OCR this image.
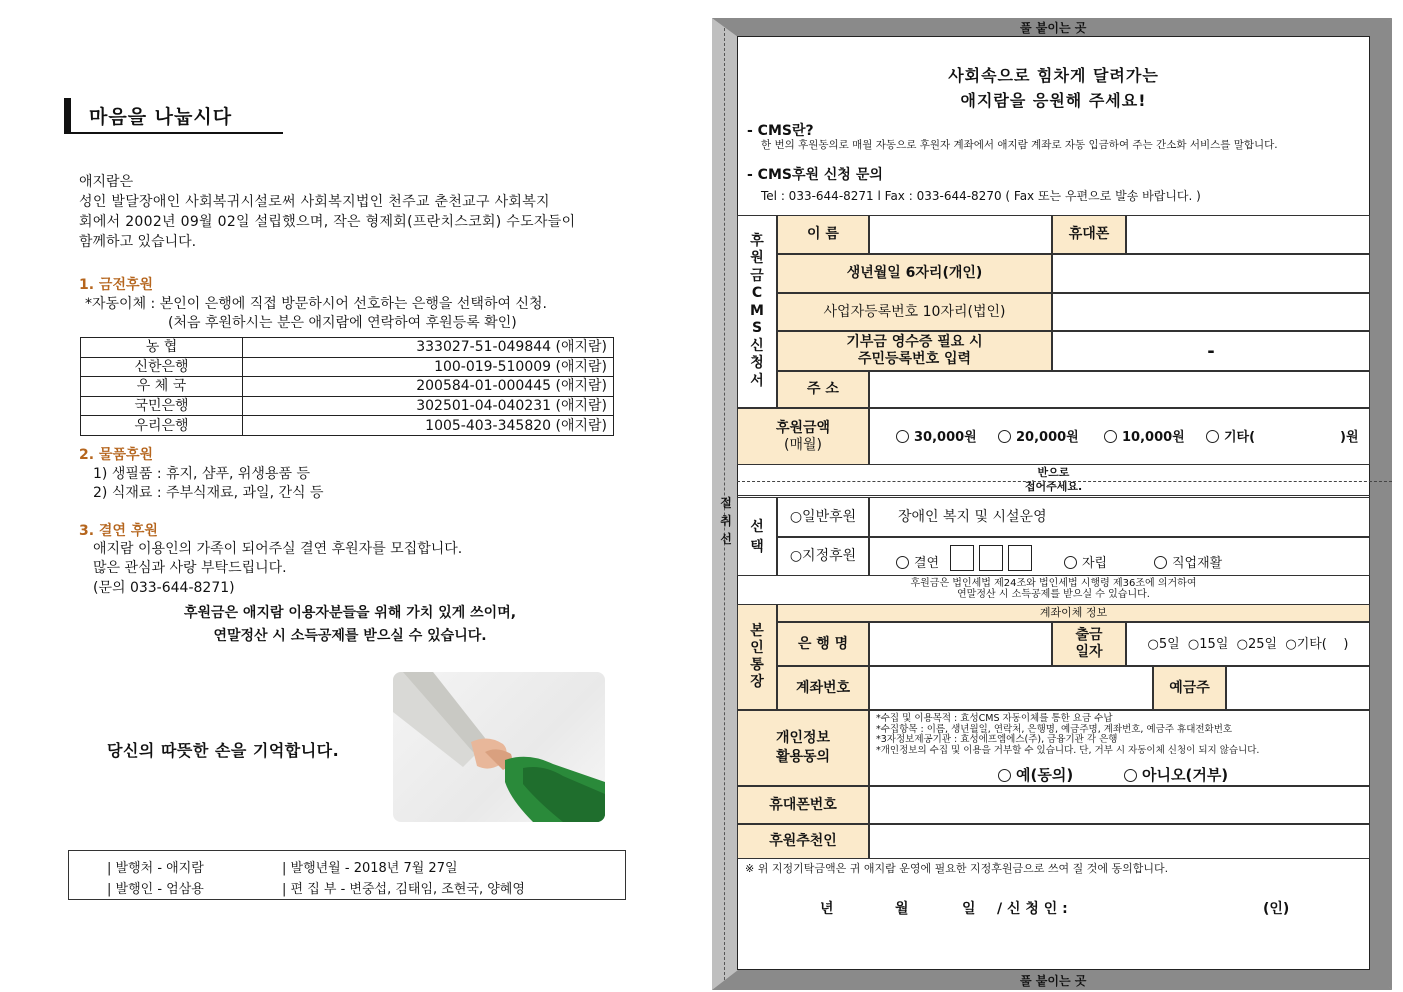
마음을 나눕시다
애지람은
성인 발달장애인 사회복귀시설로써 사회복지법인 천주교 춘천교구 사회복지
회에서 2002년 09월 02일 설립했으며, 작은 형제회(프란치스코회) 수도자들이
함께하고 있습니다.
1. 금전후원
*자동이체 : 본인이 은행에 직접 방문하시어 선호하는 은행을 선택하여 신청.
(처음 후원하시는 분은 애지람에 연락하여 후원등록 확인)
농 협	333027-51-049844 (애지람)
신한은행	100-019-510009 (애지람)
우 체 국	200584-01-000445 (애지람)
국민은행	302501-04-040231 (애지람)
우리은행	1005-403-345820 (애지람)
2. 물품후원
1) 생필품 : 휴지, 샴푸, 위생용품 등
2) 식재료 : 주부식재료, 과일, 간식 등
3. 결연 후원
애지람 이용인의 가족이 되어주실 결연 후원자를 모집합니다.
많은 관심과 사랑 부탁드립니다.
(문의 033-644-8271)
후원금은 애지람 이용자분들을 위해 가치 있게 쓰이며,
연말정산 시 소득공제를 받으실 수 있습니다.
당신의 따뜻한 손을 기억합니다.
| 발행처 - 애지람	| 발행년월 - 2018년 7월 27일
| 발행인 - 엄삼용	| 편 집 부 - 변중섭, 김태임, 조현국, 양혜영
풀 붙이는 곳
풀 붙이는 곳
절
취
선
사회속으로 힘차게 달려가는
애지람을 응원해 주세요!
- CMS란?
한 번의 후원동의로 매월 자동으로 후원자 계좌에서 애지람 계좌로 자동 입금하여 주는 간소화 서비스를 말합니다.
- CMS후원 신청 문의
Tel : 033-644-8271 l Fax : 033-644-8270 ( Fax 또는 우편으로 발송 바랍니다. )
후
원
금
C
M
S
신
청
서
이 름	휴대폰
생년월일 6자리(개인)
사업자등록번호 10자리(법인)
기부금 영수증 필요 시
주민등록번호 입력	-
주 소
후원금액
(매월)	30,000원	20,000원	10,000원	기타(	)원
반으로
접어주세요.
선
택
○일반후원	장애인 복지 및 시설운영
○지정후원	결연	자립	직업재활
후원금은 법인세법 제24조와 법인세법 시행령 제36조에 의거하여
연말정산 시 소득공제를 받으실 수 있습니다.
계좌이체 정보
본
인
통
장
은 행 명
출금
일자	○5일  ○15일  ○25일  ○기타(    )
계좌번호	예금주
개인정보
활용동의
*수집 및 이용목적 : 효성CMS 자동이체를 통한 요금 수납
*수집항목 : 이름, 생년월일, 연락처, 은행명, 예금주명, 계좌번호, 예금주 휴대전화번호
*3자정보제공기관 : 효성에프엠에스(주), 금융기관 각 은행
*개인정보의 수집 및 이용을 거부할 수 있습니다. 단, 거부 시 자동이체 신청이 되지 않습니다.
예(동의)	아니오(거부)
휴대폰번호
후원추천인
※ 위 지정기탁금액은 귀 애지람 운영에 필요한 지정후원금으로 쓰여 질 것에 동의합니다.
년	월	일 / 신 청 인 :	(인)
